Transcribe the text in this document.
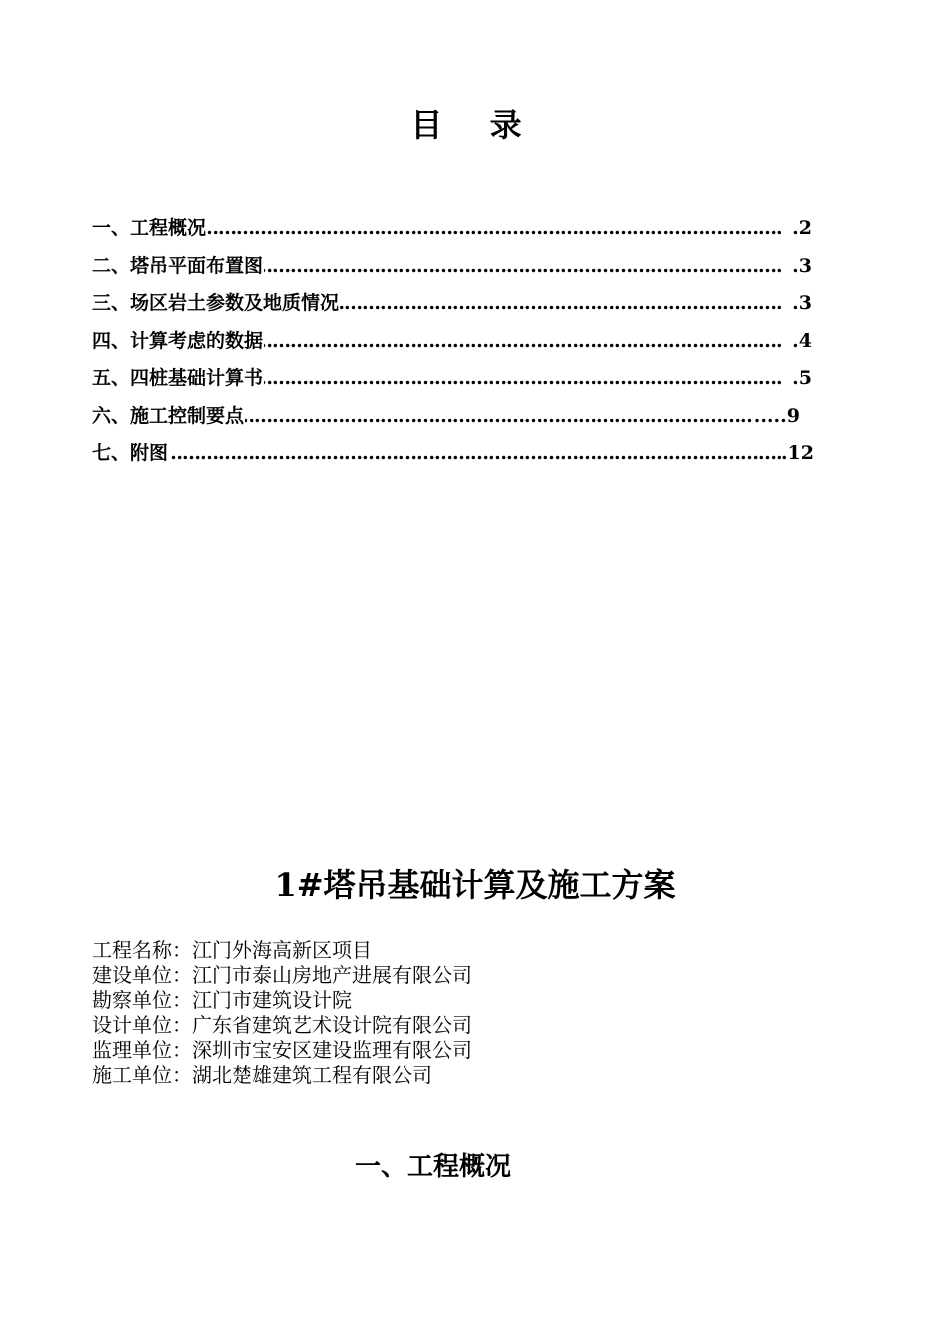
目 录
…………………………………………………………………………………………………………………………………………………
一、工程概况	.2
…………………………………………………………………………………………………………………………………………………
二、塔吊平面布置图	.3
…………………………………………………………………………………………………………………………………………………
三、场区岩土参数及地质情况	.3
…………………………………………………………………………………………………………………………………………………
四、计算考虑的数据	.4
…………………………………………………………………………………………………………………………………………………
五、四桩基础计算书	.5
…………………………………………………………………………………………………………………………………………………
六、施工控制要点	.....9
…………………………………………………………………………………………………………………………………………………
七、附图	.12
1#塔吊基础计算及施工方案
工程名称：江门外海高新区项目
建设单位：江门市泰山房地产进展有限公司
勘察单位：江门市建筑设计院
设计单位：广东省建筑艺术设计院有限公司
监理单位：深圳市宝安区建设监理有限公司
施工单位：湖北楚雄建筑工程有限公司
一、工程概况
